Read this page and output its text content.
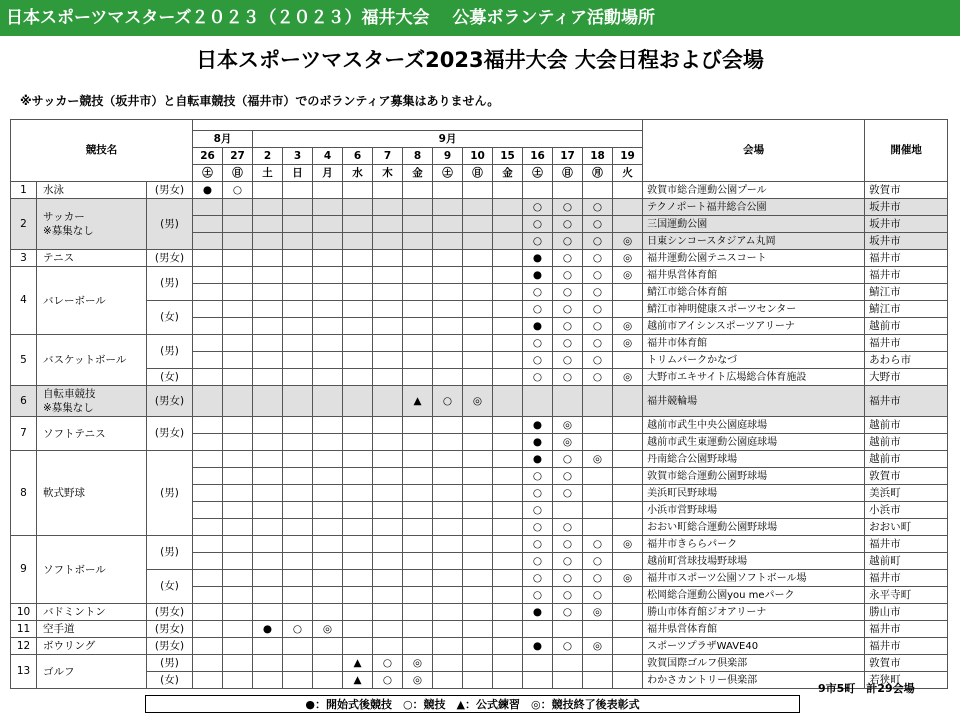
日本スポーツマスターズ２０２３（２０２３）福井大会　 公募ボランティア活動場所
日本スポーツマスターズ2023福井大会 大会日程および会場
※サッカー競技（坂井市）と自転車競技（福井市）でのボランティア募集はありません。
競技名																		会場	開催地
			8月		9月														
			26	27	2	3	4	6	7	8	9	10	15	16	17	18	19		
			㊏	㊐	土	日	月	水	木	金	㊏	㊐	金	㊏	㊐	㊊	火		
1	水泳	(男女)	●	○														敦賀市総合運動公園プール	敦賀市
2	サッカー
※募集なし	(男)												○	○	○		テクノポート福井総合公園	坂井市
														○	○	○		三国運動公園	坂井市
														○	○	○	◎	日東シンコースタジアム丸岡	坂井市
3	テニス	(男女)												●	○	○	◎	福井運動公園テニスコート	福井市
4	バレーボール	(男)												●	○	○	◎	福井県営体育館	福井市
														○	○	○		鯖江市総合体育館	鯖江市
		(女)												○	○	○		鯖江市神明健康スポーツセンター	鯖江市
														●	○	○	◎	越前市アイシンスポーツアリーナ	越前市
5	バスケットボール	(男)												○	○	○	◎	福井市体育館	福井市
														○	○	○		トリムパークかなづ	あわら市
		(女)												○	○	○	◎	大野市エキサイト広場総合体育施設	大野市
6	自転車競技
※募集なし	(男女)								▲	○	◎						福井競輪場	福井市
7	ソフトテニス	(男女)												●	◎			越前市武生中央公園庭球場	越前市
														●	◎			越前市武生東運動公園庭球場	越前市
8	軟式野球	(男)												●	○	◎		丹南総合公園野球場	越前市
														○	○			敦賀市総合運動公園野球場	敦賀市
														○	○			美浜町民野球場	美浜町
														○				小浜市営野球場	小浜市
														○	○			おおい町総合運動公園野球場	おおい町
9	ソフトボール	(男)												○	○	○	◎	福井市きららパーク	福井市
														○	○	○		越前町営球技場野球場	越前町
		(女)												○	○	○	◎	福井市スポーツ公園ソフトボール場	福井市
														○	○	○		松岡総合運動公園you meパーク	永平寺町
10	バドミントン	(男女)												●	○	◎		勝山市体育館ジオアリーナ	勝山市
11	空手道	(男女)			●	○	◎											福井県営体育館	福井市
12	ボウリング	(男女)												●	○	◎		スポーツプラザWAVE40	福井市
13	ゴルフ	(男)						▲	○	◎								敦賀国際ゴルフ倶楽部	敦賀市
		(女)						▲	○	◎								わかさカントリー倶楽部	若狭町
9市5町　計29会場
●：開始式後競技　○：競技　▲：公式練習　◎：競技終了後表彰式
